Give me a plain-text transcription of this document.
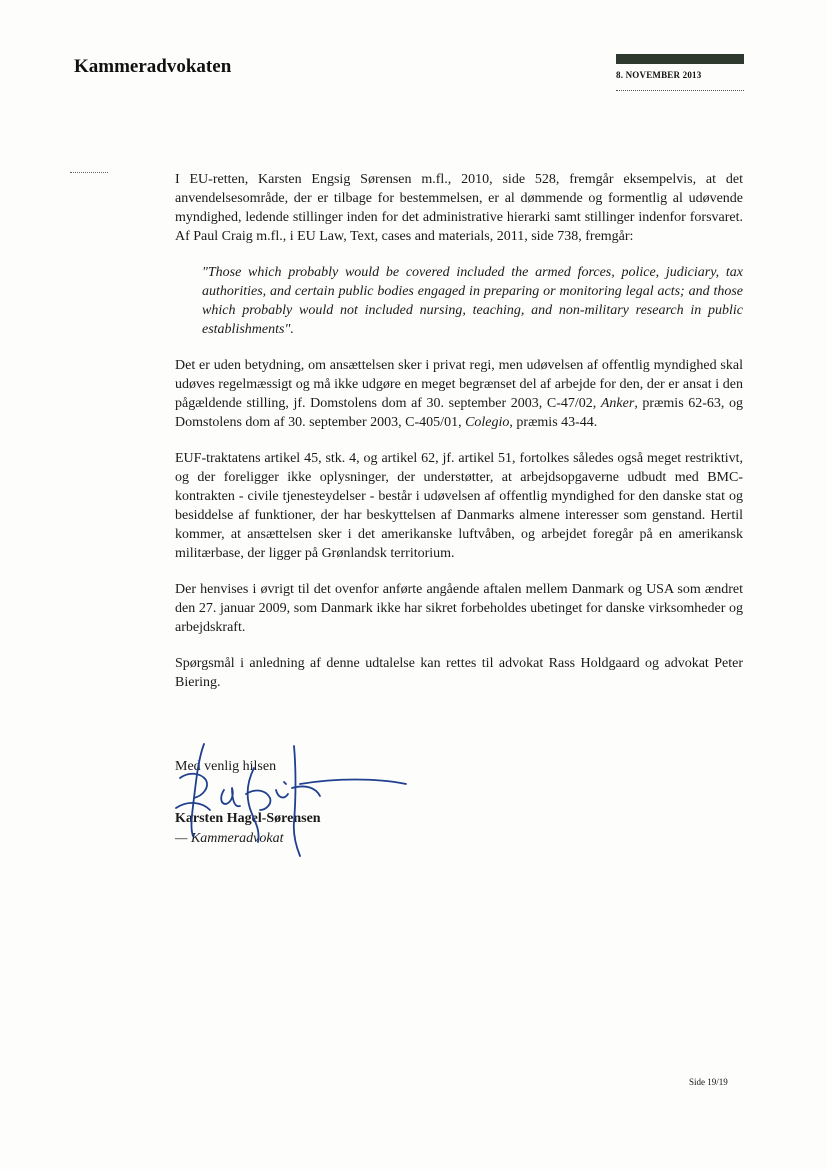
Kammeradvokaten	8. NOVEMBER 2013

I EU-retten, Karsten Engsig Sørensen m.fl., 2010, side 528, fremgår eksempelvis, at det anvendelsesområde, der er tilbage for bestemmelsen, er al dømmende og formentlig al udøvende myndighed, ledende stillinger inden for det administrative hierarki samt stillinger indenfor forsvaret. Af Paul Craig m.fl., i EU Law, Text, cases and materials, 2011, side 738, fremgår:

"Those which probably would be covered included the armed forces, police, judiciary, tax authorities, and certain public bodies engaged in preparing or monitoring legal acts; and those which probably would not included nursing, teaching, and non-military research in public establishments".

Det er uden betydning, om ansættelsen sker i privat regi, men udøvelsen af offentlig myndighed skal udøves regelmæssigt og må ikke udgøre en meget begrænset del af arbejde for den, der er ansat i den pågældende stilling, jf. Domstolens dom af 30. september 2003, C-47/02, Anker, præmis 62-63, og Domstolens dom af 30. september 2003, C-405/01, Colegio, præmis 43-44.

EUF-traktatens artikel 45, stk. 4, og artikel 62, jf. artikel 51, fortolkes således også meget restriktivt, og der foreligger ikke oplysninger, der understøtter, at arbejdsopgaverne udbudt med BMC-kontrakten - civile tjenesteydelser - består i udøvelsen af offentlig myndighed for den danske stat og besiddelse af funktioner, der har beskyttelsen af Danmarks almene interesser som genstand. Hertil kommer, at ansættelsen sker i det amerikanske luftvåben, og arbejdet foregår på en amerikansk militærbase, der ligger på Grønlandsk territorium.

Der henvises i øvrigt til det ovenfor anførte angående aftalen mellem Danmark og USA som ændret den 27. januar 2009, som Danmark ikke har sikret forbeholdes ubetinget for danske virksomheder og arbejdskraft.

Spørgsmål i anledning af denne udtalelse kan rettes til advokat Rass Holdgaard og advokat Peter Biering.

Med venlig hilsen
Karsten Hagel-Sørensen
— Kammeradvokat
Side 19/19
